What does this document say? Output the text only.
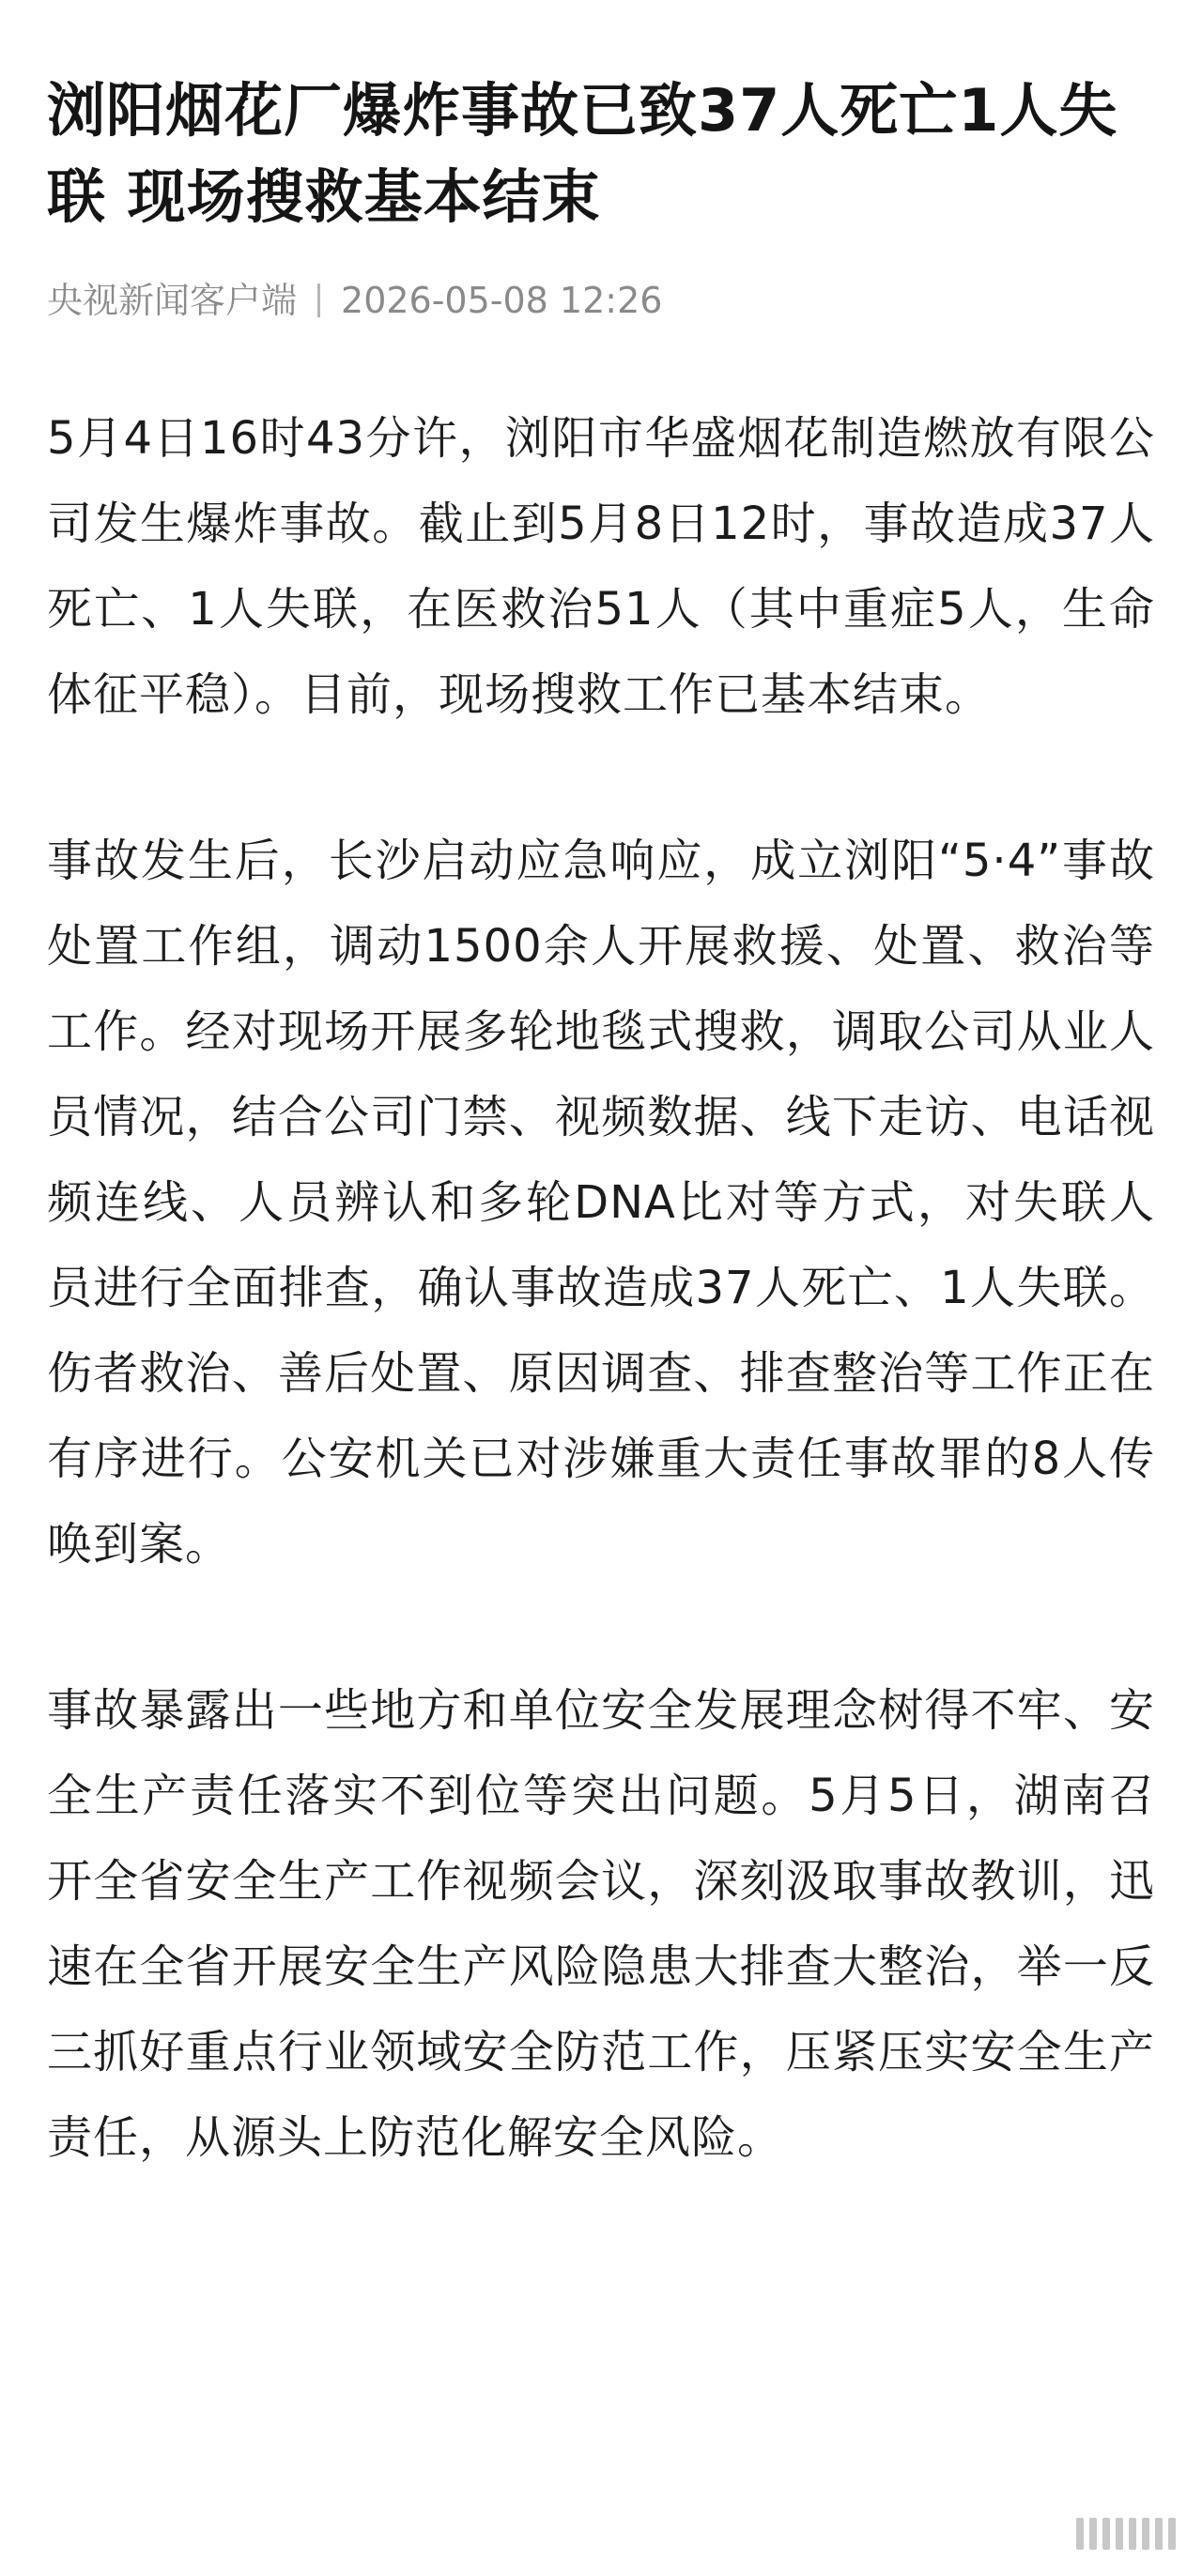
浏阳烟花厂爆炸事故已致37人死亡1人失联 现场搜救基本结束
央视新闻客户端 2026-05-08 12:26

5月4日16时43分许，浏阳市华盛烟花制造燃放有限公司发生爆炸事故。截止到5月8日12时，事故造成37人死亡、1人失联，在医救治51人（其中重症5人，生命体征平稳）。目前，现场搜救工作已基本结束。

事故发生后，长沙启动应急响应，成立浏阳“5·4”事故处置工作组，调动1500余人开展救援、处置、救治等工作。经对现场开展多轮地毯式搜救，调取公司从业人员情况，结合公司门禁、视频数据、线下走访、电话视频连线、人员辨认和多轮DNA比对等方式，对失联人员进行全面排查，确认事故造成37人死亡、1人失联。伤者救治、善后处置、原因调查、排查整治等工作正在有序进行。公安机关已对涉嫌重大责任事故罪的8人传唤到案。

事故暴露出一些地方和单位安全发展理念树得不牢、安全生产责任落实不到位等突出问题。5月5日，湖南召开全省安全生产工作视频会议，深刻汲取事故教训，迅速在全省开展安全生产风险隐患大排查大整治，举一反三抓好重点行业领域安全防范工作，压紧压实安全生产责任，从源头上防范化解安全风险。
